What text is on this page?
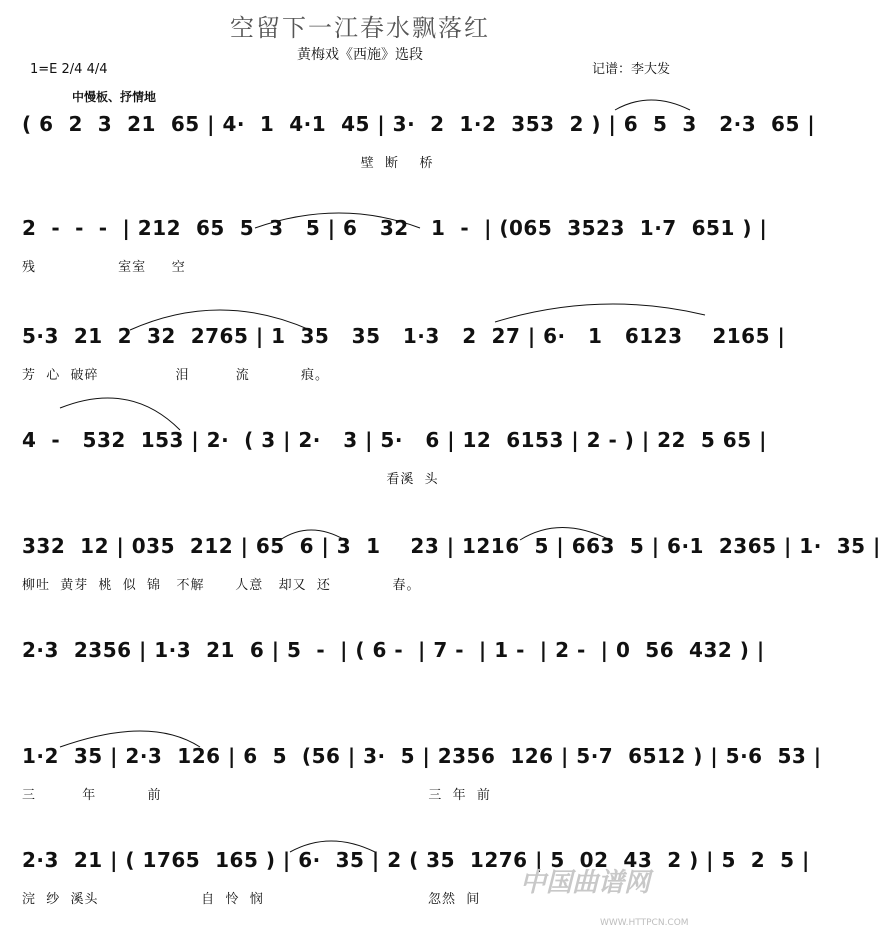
空留下一江春水飘落红
黄梅戏《西施》选段
1=E 2/4 4/4	记谱：李大发
中慢板、抒情地
( 6  2  3  21  65 | 4·  1  4·1  45 | 3·  2  1·2  353  2 ) | 6  5  3   2·3  65 |
壁  断    桥
2  -  -  -  | 212  65  5  3   5 | 6   32   1  -  | (065  3523  1·7  651 ) |
残                室室     空
5·3  21  2  32  2765 | 1  35   35   1·3   2  27 | 6·   1   6123    2165 |
芳  心  破碎               泪         流          痕。
4  -   532  153 | 2·  ( 3 | 2·   3 | 5·   6 | 12  6153 | 2 - ) | 22  5 65 |
看溪  头
332  12 | 035  212 | 65  6 | 3  1    23 | 1216  5 | 663  5 | 6·1  2365 | 1·  35 |
柳吐  黄芽  桃  似  锦   不解      人意   却又  还            春。
2·3  2356 | 1·3  21  6 | 5  -  | ( 6 -  | 7 -  | 1 -  | 2 -  | 0  56  432 ) |
1·2  35 | 2·3  126 | 6  5  (56 | 3·  5 | 2356  126 | 5·7  6512 ) | 5·6  53 |
三         年          前                                                    三  年  前
2·3  21 | ( 1765  165 ) | 6·  35 | 2 ( 35  1276 | 5  02  43  2 ) | 5  2  5 |
浣  纱  溪头                    自  怜  悯                                忽然  间
中国曲谱网
WWW.HTTPCN.COM
